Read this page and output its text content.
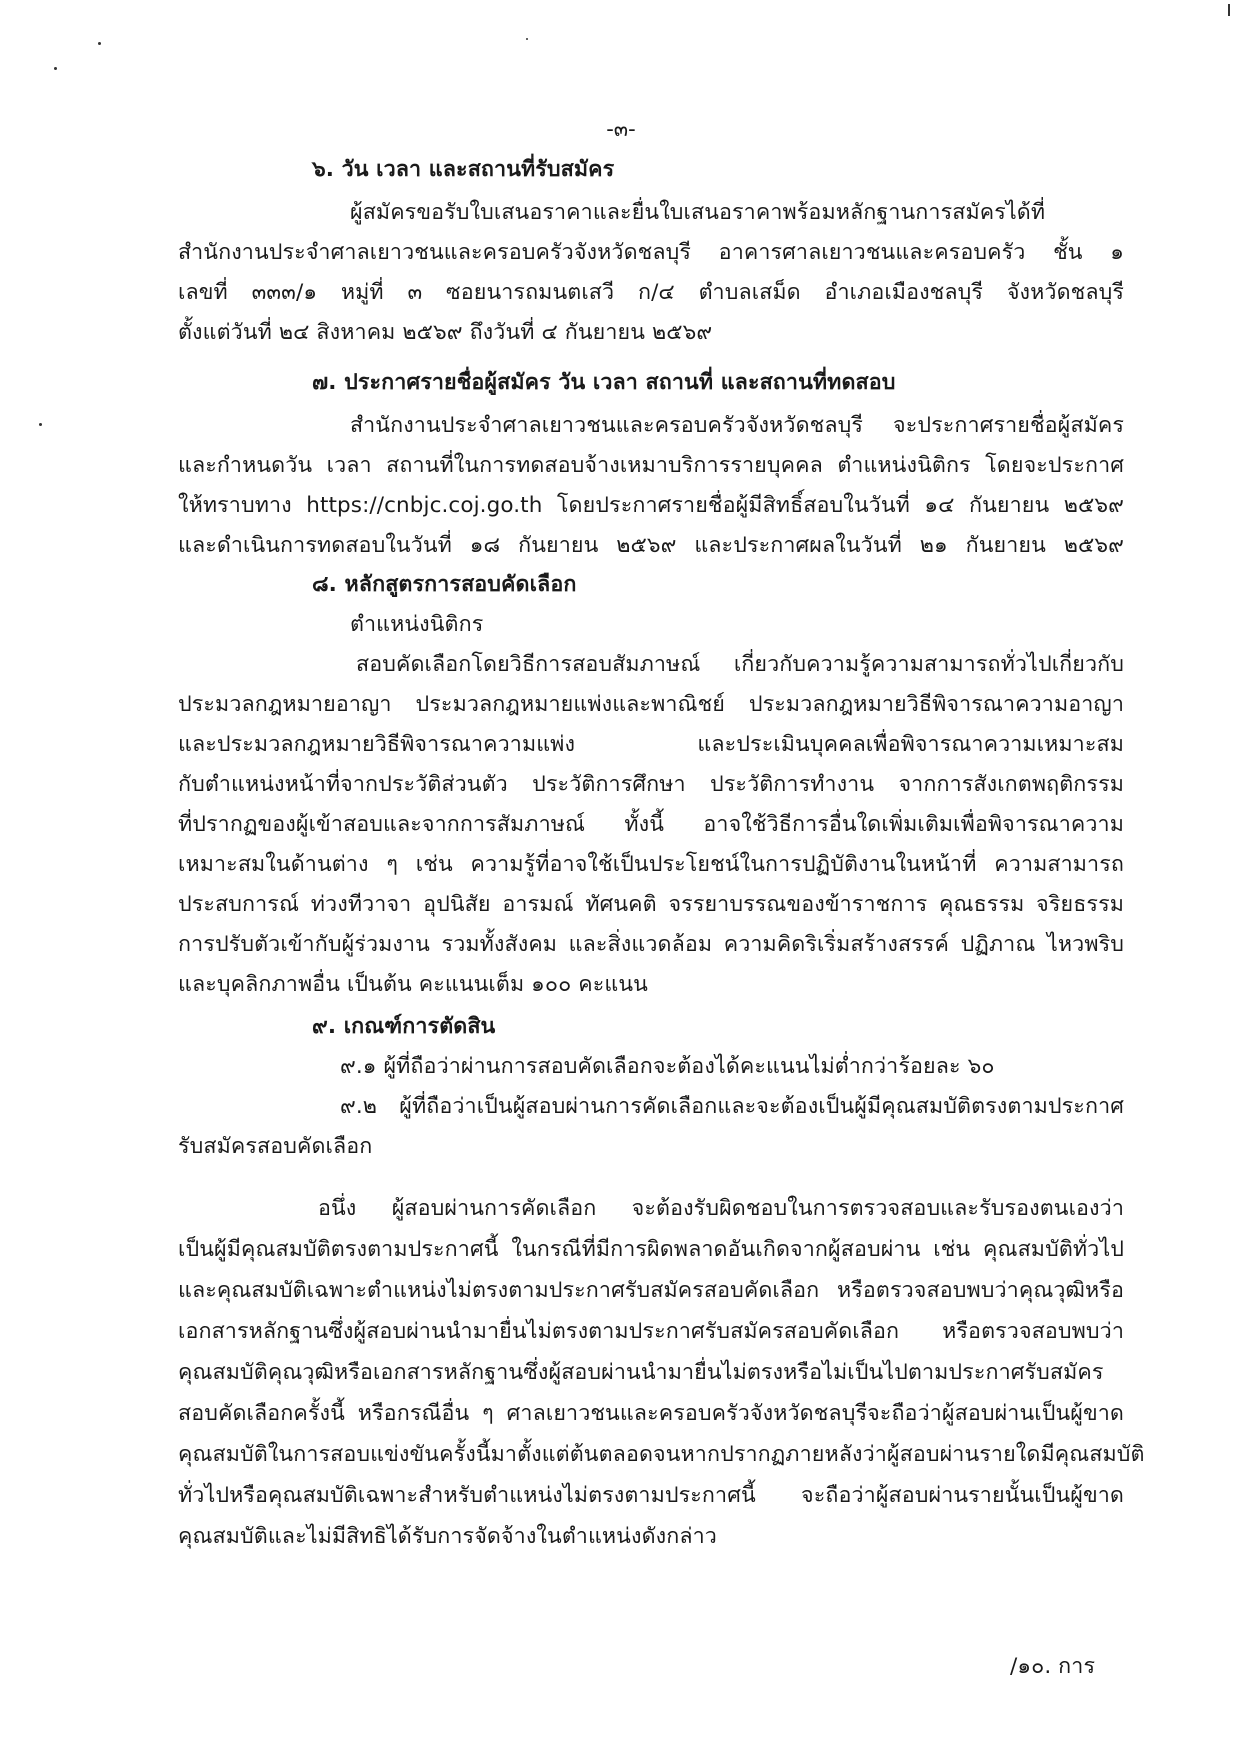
-๓-
๖. วัน เวลา และสถานที่รับสมัคร
ผู้สมัครขอรับใบเสนอราคาและยื่นใบเสนอราคาพร้อมหลักฐานการสมัครได้ที่
สำนักงานประจำศาลเยาวชนและครอบครัวจังหวัดชลบุรี อาคารศาลเยาวชนและครอบครัว ชั้น ๑
เลขที่ ๓๓๓/๑ หมู่ที่ ๓ ซอยนารถมนตเสวี ก/๔ ตำบลเสม็ด อำเภอเมืองชลบุรี จังหวัดชลบุรี
ตั้งแต่วันที่ ๒๔ สิงหาคม ๒๕๖๙ ถึงวันที่ ๔ กันยายน ๒๕๖๙
๗. ประกาศรายชื่อผู้สมัคร วัน เวลา สถานที่ และสถานที่ทดสอบ
สำนักงานประจำศาลเยาวชนและครอบครัวจังหวัดชลบุรี จะประกาศรายชื่อผู้สมัคร
และกำหนดวัน เวลา สถานที่ในการทดสอบจ้างเหมาบริการรายบุคคล ตำแหน่งนิติกร โดยจะประกาศ
ให้ทราบทาง https://cnbjc.coj.go.th โดยประกาศรายชื่อผู้มีสิทธิ์สอบในวันที่ ๑๔ กันยายน ๒๕๖๙
และดำเนินการทดสอบในวันที่ ๑๘ กันยายน ๒๕๖๙ และประกาศผลในวันที่ ๒๑ กันยายน ๒๕๖๙
๘. หลักสูตรการสอบคัดเลือก
ตำแหน่งนิติกร
สอบคัดเลือกโดยวิธีการสอบสัมภาษณ์ เกี่ยวกับความรู้ความสามารถทั่วไปเกี่ยวกับ
ประมวลกฎหมายอาญา ประมวลกฎหมายแพ่งและพาณิชย์ ประมวลกฎหมายวิธีพิจารณาความอาญา
และประมวลกฎหมายวิธีพิจารณาความแพ่ง และประเมินบุคคลเพื่อพิจารณาความเหมาะสม
กับตำแหน่งหน้าที่จากประวัติส่วนตัว ประวัติการศึกษา ประวัติการทำงาน จากการสังเกตพฤติกรรม
ที่ปรากฏของผู้เข้าสอบและจากการสัมภาษณ์ ทั้งนี้ อาจใช้วิธีการอื่นใดเพิ่มเติมเพื่อพิจารณาความ
เหมาะสมในด้านต่าง ๆ เช่น ความรู้ที่อาจใช้เป็นประโยชน์ในการปฏิบัติงานในหน้าที่ ความสามารถ
ประสบการณ์ ท่วงทีวาจา อุปนิสัย อารมณ์ ทัศนคติ จรรยาบรรณของข้าราชการ คุณธรรม จริยธรรม
การปรับตัวเข้ากับผู้ร่วมงาน รวมทั้งสังคม และสิ่งแวดล้อม ความคิดริเริ่มสร้างสรรค์ ปฏิภาณ ไหวพริบ
และบุคลิกภาพอื่น เป็นต้น คะแนนเต็ม ๑๐๐ คะแนน
๙. เกณฑ์การตัดสิน
๙.๑ ผู้ที่ถือว่าผ่านการสอบคัดเลือกจะต้องได้คะแนนไม่ต่ำกว่าร้อยละ ๖๐
๙.๒ ผู้ที่ถือว่าเป็นผู้สอบผ่านการคัดเลือกและจะต้องเป็นผู้มีคุณสมบัติตรงตามประกาศ
รับสมัครสอบคัดเลือก
อนึ่ง ผู้สอบผ่านการคัดเลือก จะต้องรับผิดชอบในการตรวจสอบและรับรองตนเองว่า
เป็นผู้มีคุณสมบัติตรงตามประกาศนี้ ในกรณีที่มีการผิดพลาดอันเกิดจากผู้สอบผ่าน เช่น คุณสมบัติทั่วไป
และคุณสมบัติเฉพาะตำแหน่งไม่ตรงตามประกาศรับสมัครสอบคัดเลือก หรือตรวจสอบพบว่าคุณวุฒิหรือ
เอกสารหลักฐานซึ่งผู้สอบผ่านนำมายื่นไม่ตรงตามประกาศรับสมัครสอบคัดเลือก หรือตรวจสอบพบว่า
คุณสมบัติคุณวุฒิหรือเอกสารหลักฐานซึ่งผู้สอบผ่านนำมายื่นไม่ตรงหรือไม่เป็นไปตามประกาศรับสมัคร
สอบคัดเลือกครั้งนี้ หรือกรณีอื่น ๆ ศาลเยาวชนและครอบครัวจังหวัดชลบุรีจะถือว่าผู้สอบผ่านเป็นผู้ขาด
คุณสมบัติในการสอบแข่งขันครั้งนี้มาตั้งแต่ต้นตลอดจนหากปรากฏภายหลังว่าผู้สอบผ่านรายใดมีคุณสมบัติ
ทั่วไปหรือคุณสมบัติเฉพาะสำหรับตำแหน่งไม่ตรงตามประกาศนี้ จะถือว่าผู้สอบผ่านรายนั้นเป็นผู้ขาด
คุณสมบัติและไม่มีสิทธิได้รับการจัดจ้างในตำแหน่งดังกล่าว
/๑๐. การ
